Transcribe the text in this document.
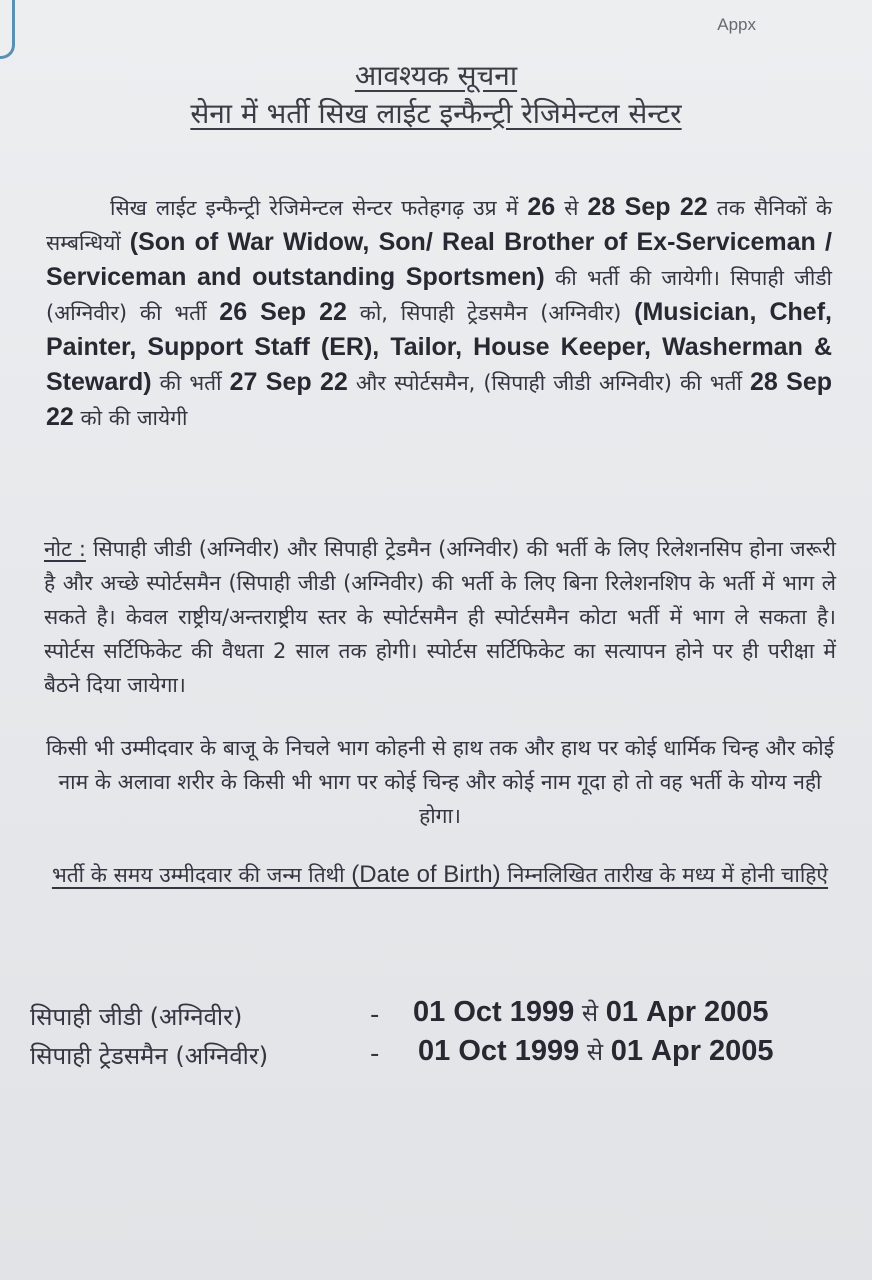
Appx
आवश्यक सूचना
सेना में भर्ती सिख लाईट इन्फैन्ट्री रेजिमेन्टल सेन्टर
सिख लाईट इन्फैन्ट्री रेजिमेन्टल सेन्टर फतेहगढ़ उप्र में 26 से 28 Sep 22 तक सैनिकों के सम्बन्धियों (Son of War Widow, Son/ Real Brother of Ex-Serviceman / Serviceman and outstanding Sportsmen) की भर्ती की जायेगी। सिपाही जीडी (अग्निवीर) की भर्ती 26 Sep 22 को, सिपाही ट्रेडसमैन (अग्निवीर) (Musician, Chef, Painter, Support Staff (ER), Tailor, House Keeper, Washerman & Steward) की भर्ती 27 Sep 22 और स्पोर्टसमैन, (सिपाही जीडी अग्निवीर) की भर्ती 28 Sep 22 को की जायेगी
नोट : सिपाही जीडी (अग्निवीर) और सिपाही ट्रेडमैन (अग्निवीर) की भर्ती के लिए रिलेशनसिप होना जरूरी है और अच्छे स्पोर्टसमैन (सिपाही जीडी (अग्निवीर) की भर्ती के लिए बिना रिलेशनशिप के भर्ती में भाग ले सकते है। केवल राष्ट्रीय/अन्तराष्ट्रीय स्तर के स्पोर्टसमैन ही स्पोर्टसमैन कोटा भर्ती में भाग ले सकता है। स्पोर्टस सर्टिफिकेट की वैधता 2 साल तक होगी। स्पोर्टस सर्टिफिकेट का सत्यापन होने पर ही परीक्षा में बैठने दिया जायेगा।
किसी भी उम्मीदवार के बाजू के निचले भाग कोहनी से हाथ तक और हाथ पर कोई धार्मिक चिन्ह और कोई नाम के अलावा शरीर के किसी भी भाग पर कोई चिन्ह और कोई नाम गूदा हो तो वह भर्ती के योग्य नही होगा।
भर्ती के समय उम्मीदवार की जन्म तिथी (Date of Birth) निम्नलिखित तारीख के मध्य में होनी चाहिऐ
सिपाही जीडी (अग्निवीर)	- 01 Oct 1999 से 01 Apr 2005
सिपाही ट्रेडसमैन (अग्निवीर)	- 01 Oct 1999 से 01 Apr 2005
